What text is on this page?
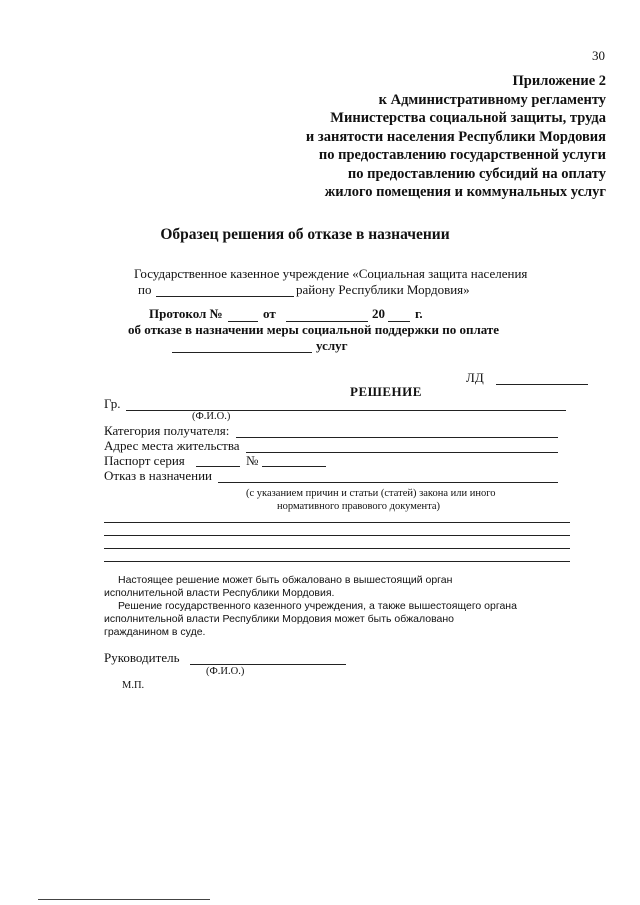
30
Приложение 2
к Административному регламенту
Министерства социальной защиты, труда
и занятости населения Республики Мордовия
по предоставлению государственной услуги
по предоставлению субсидий на оплату
жилого помещения и коммунальных услуг
Образец решения об отказе в назначении
Государственное казенное учреждение «Социальная защита населения
по	району Республики Мордовия»
Протокол №	от	20 г.
об отказе в назначении меры социальной поддержки по оплате
услуг
ЛД
РЕШЕНИЕ
Гр.
(Ф.И.О.)
Категория получателя:
Адрес места жительства
Паспорт серия	№
Отказ в назначении
(с указанием причин и статьи (статей) закона или иного
нормативного правового документа)
Настоящее решение может быть обжаловано в вышестоящий орган
исполнительной власти Республики Мордовия.
Решение государственного казенного учреждения, а также вышестоящего органа
исполнительной власти Республики Мордовия может быть обжаловано
гражданином в суде.
Руководитель
(Ф.И.О.)
М.П.
